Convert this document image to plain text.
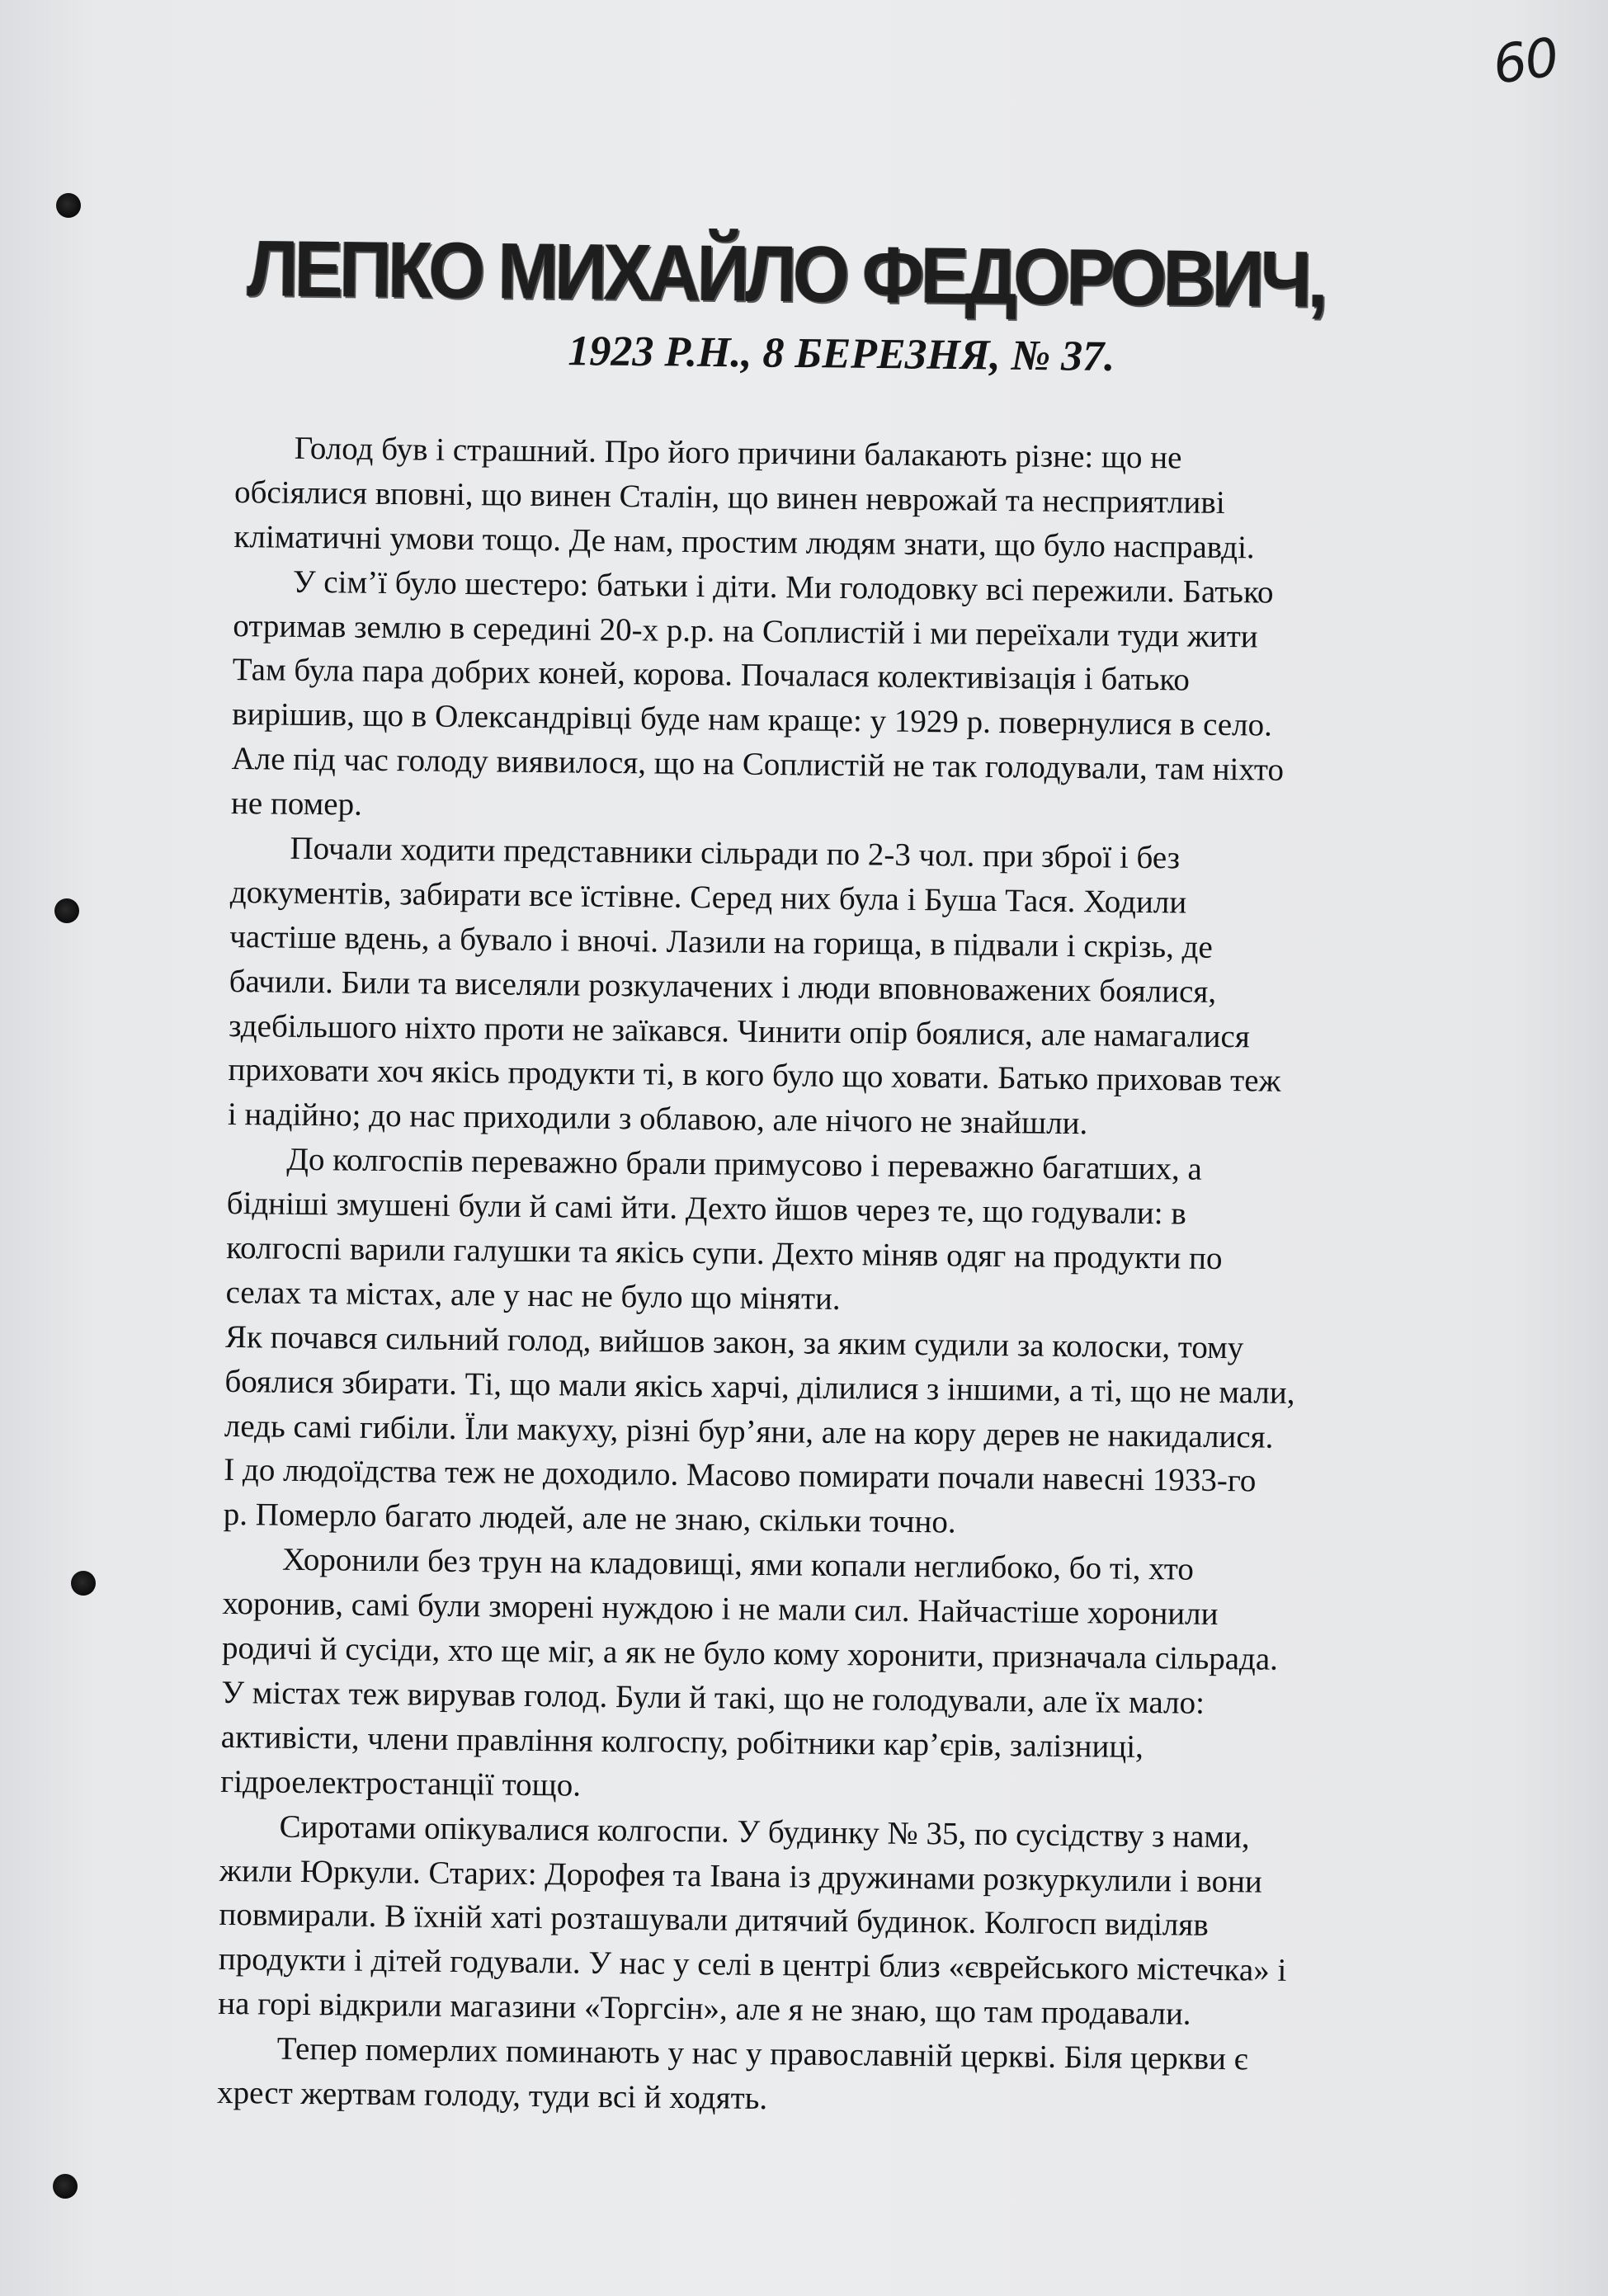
60
ЛЕПКО МИХАЙЛО ФЕДОРОВИЧ,
1923 Р.Н., 8 БЕРЕЗНЯ, № 37.
Голод був і страшний. Про його причини балакають різне: що не
обсіялися вповні, що винен Сталін, що винен неврожай та несприятливі
кліматичні умови тощо. Де нам, простим людям знати, що було насправді.
У сім’ї було шестеро: батьки і діти. Ми голодовку всі пережили. Батько
отримав землю в середині 20-х р.р. на Соплистій і ми переїхали туди жити
Там була пара добрих коней, корова. Почалася колективізація і батько
вирішив, що в Олександрівці буде нам краще: у 1929 р. повернулися в село.
Але під час голоду виявилося, що на Соплистій не так голодували, там ніхто
не помер.
Почали ходити представники сільради по 2-3 чол. при зброї і без
документів, забирати все їстівне. Серед них була і Буша Тася. Ходили
частіше вдень, а бувало і вночі. Лазили на горища, в підвали і скрізь, де
бачили. Били та виселяли розкулачених і люди вповноважених боялися,
здебільшого ніхто проти не заїкався. Чинити опір боялися, але намагалися
приховати хоч якісь продукти ті, в кого було що ховати. Батько приховав теж
і надійно; до нас приходили з облавою, але нічого не знайшли.
До колгоспів переважно брали примусово і переважно багатших, а
бідніші змушені були й самі йти. Дехто йшов через те, що годували: в
колгоспі варили галушки та якісь супи. Дехто міняв одяг на продукти по
селах та містах, але у нас не було що міняти.
Як почався сильний голод, вийшов закон, за яким судили за колоски, тому
боялися збирати. Ті, що мали якісь харчі, ділилися з іншими, а ті, що не мали,
ледь самі гибіли. Їли макуху, різні бур’яни, але на кору дерев не накидалися.
І до людоїдства теж не доходило. Масово помирати почали навесні 1933-го
р. Померло багато людей, але не знаю, скільки точно.
Хоронили без трун на кладовищі, ями копали неглибоко, бо ті, хто
хоронив, самі були зморені нуждою і не мали сил. Найчастіше хоронили
родичі й сусіди, хто ще міг, а як не було кому хоронити, призначала сільрада.
У містах теж вирував голод. Були й такі, що не голодували, але їх мало:
активісти, члени правління колгоспу, робітники кар’єрів, залізниці,
гідроелектростанції тощо.
Сиротами опікувалися колгоспи. У будинку № 35, по сусідству з нами,
жили Юркули. Старих: Дорофея та Івана із дружинами розкуркулили і вони
повмирали. В їхній хаті розташували дитячий будинок. Колгосп виділяв
продукти і дітей годували. У нас у селі в центрі близ «єврейського містечка» і
на горі відкрили магазини «Торгсін», але я не знаю, що там продавали.
Тепер померлих поминають у нас у православній церкві. Біля церкви є
хрест жертвам голоду, туди всі й ходять.
